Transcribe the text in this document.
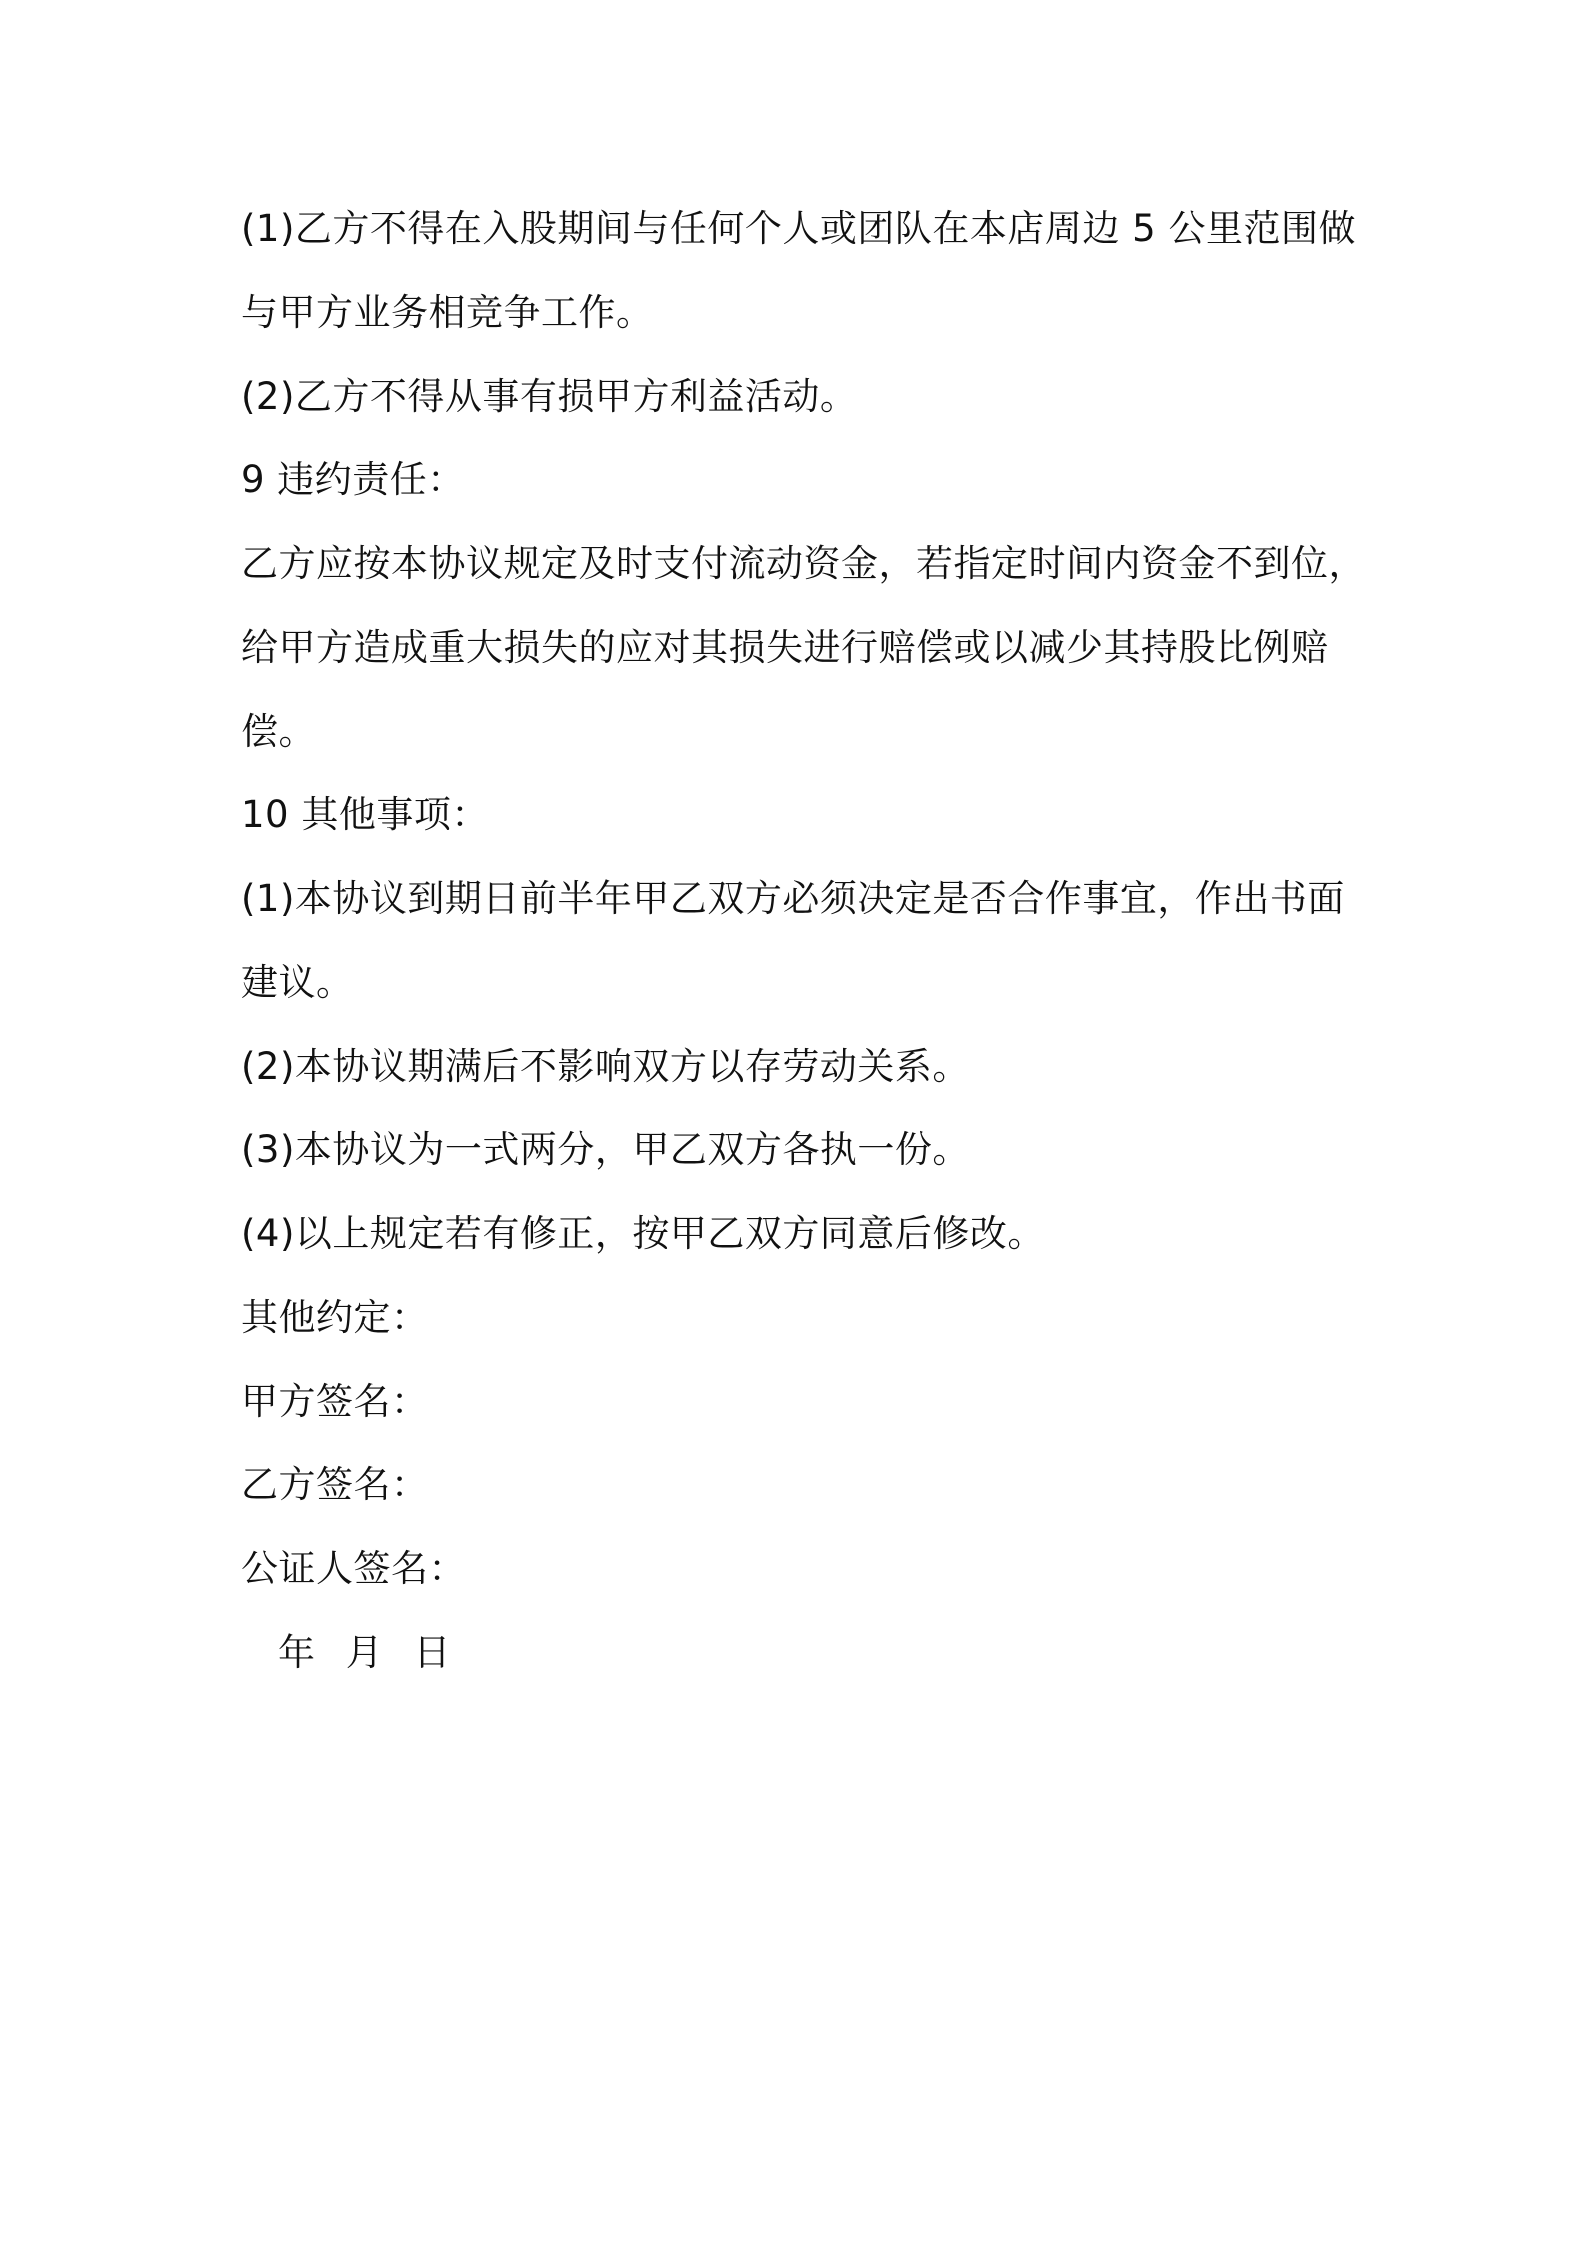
(1)乙方不得在入股期间与任何个人或团队在本店周边 5 公里范围做
与甲方业务相竞争工作。
(2)乙方不得从事有损甲方利益活动。
9 违约责任：
乙方应按本协议规定及时支付流动资金，若指定时间内资金不到位，
给甲方造成重大损失的应对其损失进行赔偿或以减少其持股比例赔
偿。
10 其他事项：
(1)本协议到期日前半年甲乙双方必须决定是否合作事宜，作出书面
建议。
(2)本协议期满后不影响双方以存劳动关系。
(3)本协议为一式两分，甲乙双方各执一份。
(4)以上规定若有修正，按甲乙双方同意后修改。
其他约定：
甲方签名：
乙方签名：
公证人签名：
年 月 日
